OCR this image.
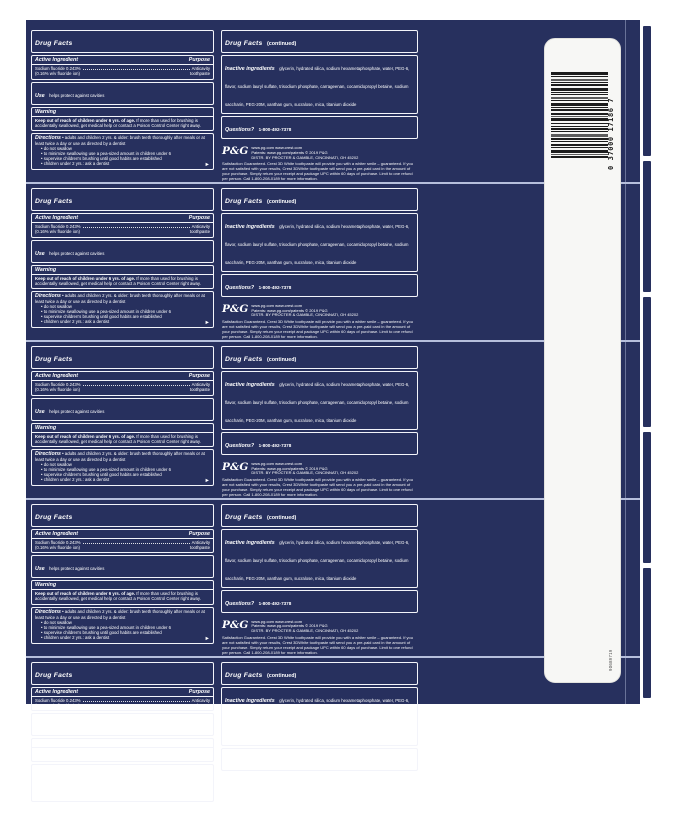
Drug Facts
Active Ingredient	Purpose
Sodium fluoride 0.243%	Anticavity
(0.16% w/v fluoride ion)	toothpaste
Use helps protect against cavities
Warning
Keep out of reach of children under 6 yrs. of age. If more than used for brushing is accidentally swallowed, get medical help or contact a Poison Control Center right away.
Directions • adults and children 2 yrs. & older: brush teeth thoroughly after meals or at least twice a day or use as directed by a dentist
• do not swallow
• to minimize swallowing use a pea-sized amount in children under 6
• supervise children's brushing until good habits are established
• children under 2 yrs.: ask a dentist	►
Drug Facts (continued)
Inactive ingredients glycerin, hydrated silica, sodium hexametaphosphate, water, PEG-6, flavor, sodium lauryl sulfate, trisodium phosphate, carrageenan, cocamidopropyl betaine, sodium saccharin, PEG-20M, xanthan gum, sucralose, mica, titanium dioxide
Questions? 1-800-492-7378
P&G www.pg.com www.crest.com
Patents: www.pg.com/patents © 2019 P&G
DISTR. BY PROCTER & GAMBLE, CINCINNATI, OH 45202
Satisfaction Guaranteed. Crest 3D White toothpaste will provide you with a whiter smile – guaranteed. If you are not satisfied with your results, Crest 3DWhite toothpaste will send you a pre-paid card in the amount of your purchase. Simply return your receipt and package UPC within 60 days of purchase. Limit to one refund per person. Call 1-800-208-0189 for more information.
Drug Facts
Active Ingredient	Purpose
Sodium fluoride 0.243%	Anticavity
(0.16% w/v fluoride ion)	toothpaste
Use helps protect against cavities
Warning
Keep out of reach of children under 6 yrs. of age. If more than used for brushing is accidentally swallowed, get medical help or contact a Poison Control Center right away.
Directions • adults and children 2 yrs. & older: brush teeth thoroughly after meals or at least twice a day or use as directed by a dentist
• do not swallow
• to minimize swallowing use a pea-sized amount in children under 6
• supervise children's brushing until good habits are established
• children under 2 yrs.: ask a dentist	►
Drug Facts (continued)
Inactive ingredients glycerin, hydrated silica, sodium hexametaphosphate, water, PEG-6, flavor, sodium lauryl sulfate, trisodium phosphate, carrageenan, cocamidopropyl betaine, sodium saccharin, PEG-20M, xanthan gum, sucralose, mica, titanium dioxide
Questions? 1-800-492-7378
P&G www.pg.com www.crest.com
Patents: www.pg.com/patents © 2019 P&G
DISTR. BY PROCTER & GAMBLE, CINCINNATI, OH 45202
Satisfaction Guaranteed. Crest 3D White toothpaste will provide you with a whiter smile – guaranteed. If you are not satisfied with your results, Crest 3DWhite toothpaste will send you a pre-paid card in the amount of your purchase. Simply return your receipt and package UPC within 60 days of purchase. Limit to one refund per person. Call 1-800-208-0189 for more information.
Drug Facts
Active Ingredient	Purpose
Sodium fluoride 0.243%	Anticavity
(0.16% w/v fluoride ion)	toothpaste
Use helps protect against cavities
Warning
Keep out of reach of children under 6 yrs. of age. If more than used for brushing is accidentally swallowed, get medical help or contact a Poison Control Center right away.
Directions • adults and children 2 yrs. & older: brush teeth thoroughly after meals or at least twice a day or use as directed by a dentist
• do not swallow
• to minimize swallowing use a pea-sized amount in children under 6
• supervise children's brushing until good habits are established
• children under 2 yrs.: ask a dentist	►
Drug Facts (continued)
Inactive ingredients glycerin, hydrated silica, sodium hexametaphosphate, water, PEG-6, flavor, sodium lauryl sulfate, trisodium phosphate, carrageenan, cocamidopropyl betaine, sodium saccharin, PEG-20M, xanthan gum, sucralose, mica, titanium dioxide
Questions? 1-800-492-7378
P&G www.pg.com www.crest.com
Patents: www.pg.com/patents © 2019 P&G
DISTR. BY PROCTER & GAMBLE, CINCINNATI, OH 45202
Satisfaction Guaranteed. Crest 3D White toothpaste will provide you with a whiter smile – guaranteed. If you are not satisfied with your results, Crest 3DWhite toothpaste will send you a pre-paid card in the amount of your purchase. Simply return your receipt and package UPC within 60 days of purchase. Limit to one refund per person. Call 1-800-208-0189 for more information.
Drug Facts
Active Ingredient	Purpose
Sodium fluoride 0.243%	Anticavity
(0.16% w/v fluoride ion)	toothpaste
Use helps protect against cavities
Warning
Keep out of reach of children under 6 yrs. of age. If more than used for brushing is accidentally swallowed, get medical help or contact a Poison Control Center right away.
Directions • adults and children 2 yrs. & older: brush teeth thoroughly after meals or at least twice a day or use as directed by a dentist
• do not swallow
• to minimize swallowing use a pea-sized amount in children under 6
• supervise children's brushing until good habits are established
• children under 2 yrs.: ask a dentist	►
Drug Facts (continued)
Inactive ingredients glycerin, hydrated silica, sodium hexametaphosphate, water, PEG-6, flavor, sodium lauryl sulfate, trisodium phosphate, carrageenan, cocamidopropyl betaine, sodium saccharin, PEG-20M, xanthan gum, sucralose, mica, titanium dioxide
Questions? 1-800-492-7378
P&G www.pg.com www.crest.com
Patents: www.pg.com/patents © 2019 P&G
DISTR. BY PROCTER & GAMBLE, CINCINNATI, OH 45202
Satisfaction Guaranteed. Crest 3D White toothpaste will provide you with a whiter smile – guaranteed. If you are not satisfied with your results, Crest 3DWhite toothpaste will send you a pre-paid card in the amount of your purchase. Simply return your receipt and package UPC within 60 days of purchase. Limit to one refund per person. Call 1-800-208-0189 for more information.
Drug Facts
Active Ingredient	Purpose
Sodium fluoride 0.243%	Anticavity
(0.16% w/v fluoride ion)	toothpaste
Use helps protect against cavities
Warning
Keep out of reach of children under 6 yrs. of age. If more than used for brushing is accidentally swallowed, get medical help or contact a Poison Control Center right away.
Directions • adults and children 2 yrs. & older: brush teeth thoroughly after meals or at least twice a day or use as directed by a dentist
• do not swallow
• to minimize swallowing use a pea-sized amount in children under 6
• supervise children's brushing until good habits are established
• children under 2 yrs.: ask a dentist	►
Drug Facts (continued)
Inactive ingredients glycerin, hydrated silica, sodium hexametaphosphate, water, PEG-6, flavor, sodium lauryl sulfate, trisodium phosphate, carrageenan, cocamidopropyl betaine, sodium saccharin, PEG-20M, xanthan gum, sucralose, mica, titanium dioxide
Questions? 1-800-492-7378
P&G www.pg.com www.crest.com
Patents: www.pg.com/patents © 2019 P&G
DISTR. BY PROCTER & GAMBLE, CINCINNATI, OH 45202
Satisfaction Guaranteed. Crest 3D White toothpaste will provide you with a whiter smile – guaranteed. If you are not satisfied with your results, Crest 3DWhite toothpaste will send you a pre-paid card in the amount of your purchase. Simply return your receipt and package UPC within 60 days of purchase. Limit to one refund per person. Call 1-800-208-0189 for more information.
0 37000 17186 7
90689719
